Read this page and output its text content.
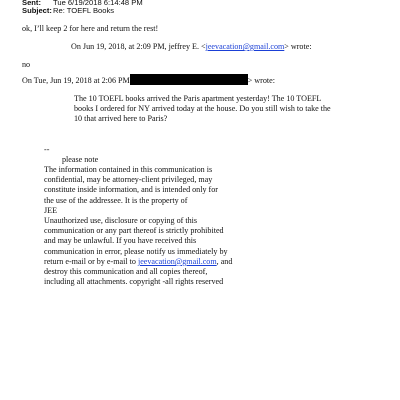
Sent: Tue 6/19/2018 6:14:48 PM
Subject:Re: TOEFL Books
ok, I’ll keep 2 for here and return the rest!
On Jun 19, 2018, at 2:09 PM, jeffrey E. <jeevacation@gmail.com> wrote:
no
On Tue, Jun 19, 2018 at 2:06 PM	> wrote:
The 10 TOEFL books arrived the Paris apartment yesterday! The 10 TOEFL
books I ordered for NY arrived today at the house. Do you still wish to take the
10 that arrived here to Paris?
--
please note
The information contained in this communication is
confidential, may be attorney-client privileged, may
constitute inside information, and is intended only for
the use of the addressee. It is the property of
JEE
Unauthorized use, disclosure or copying of this
communication or any part thereof is strictly prohibited
and may be unlawful. If you have received this
communication in error, please notify us immediately by
return e-mail or by e-mail to jeevacation@gmail.com, and
destroy this communication and all copies thereof,
including all attachments. copyright -all rights reserved
